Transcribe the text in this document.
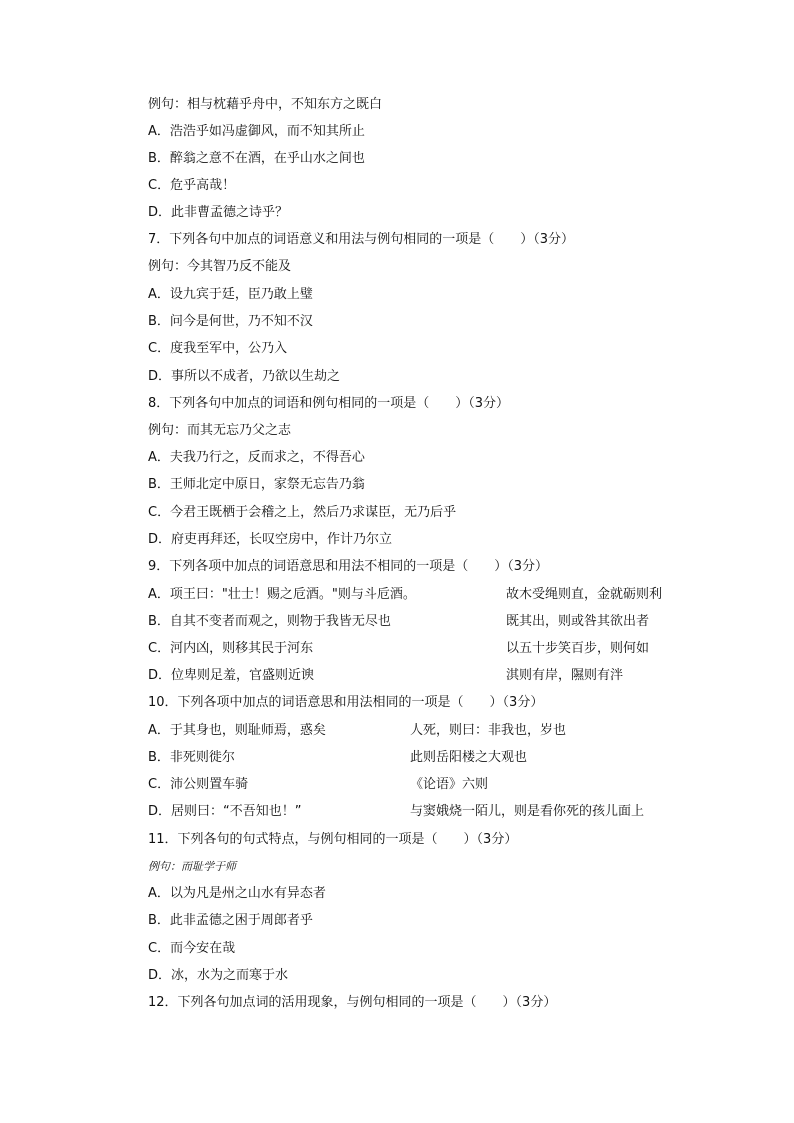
例句：相与枕藉乎舟中，不知东方之既白
A．浩浩乎如冯虚御风，而不知其所止
B．醉翁之意不在酒，在乎山水之间也
C．危乎高哉！
D．此非曹孟德之诗乎？
7．下列各句中加点的词语意义和用法与例句相同的一项是（　　）（3分）
例句：今其智乃反不能及
A．设九宾于廷，臣乃敢上璧
B．问今是何世，乃不知不汉
C．度我至军中，公乃入
D．事所以不成者，乃欲以生劫之
8．下列各句中加点的词语和例句相同的一项是（　　）（3分）
例句：而其无忘乃父之志
A．夫我乃行之，反而求之，不得吾心
B．王师北定中原日，家祭无忘告乃翁
C．今君王既栖于会稽之上，然后乃求谋臣，无乃后乎
D．府吏再拜还，长叹空房中，作计乃尔立
9．下列各项中加点的词语意思和用法不相同的一项是（　　）（3分）
A．项王曰："壮士！赐之卮酒。"则与斗卮酒。	故木受绳则直，金就砺则利
B．自其不变者而观之，则物于我皆无尽也	既其出，则或咎其欲出者
C．河内凶，则移其民于河东	以五十步笑百步，则何如
D．位卑则足羞，官盛则近谀	淇则有岸，隰则有泮
10．下列各项中加点的词语意思和用法相同的一项是（　　）（3分）
A．于其身也，则耻师焉，惑矣	人死，则曰：非我也，岁也
B．非死则徙尔	此则岳阳楼之大观也
C．沛公则置车骑	《论语》六则
D．居则曰：“不吾知也！”	与窦娥烧一陌儿，则是看你死的孩儿面上
11．下列各句的句式特点，与例句相同的一项是（　　）（3分）
例句：而耻学于师
A．以为凡是州之山水有异态者
B．此非孟德之困于周郎者乎
C．而今安在哉
D．冰，水为之而寒于水
12．下列各句加点词的活用现象，与例句相同的一项是（　　）（3分）
